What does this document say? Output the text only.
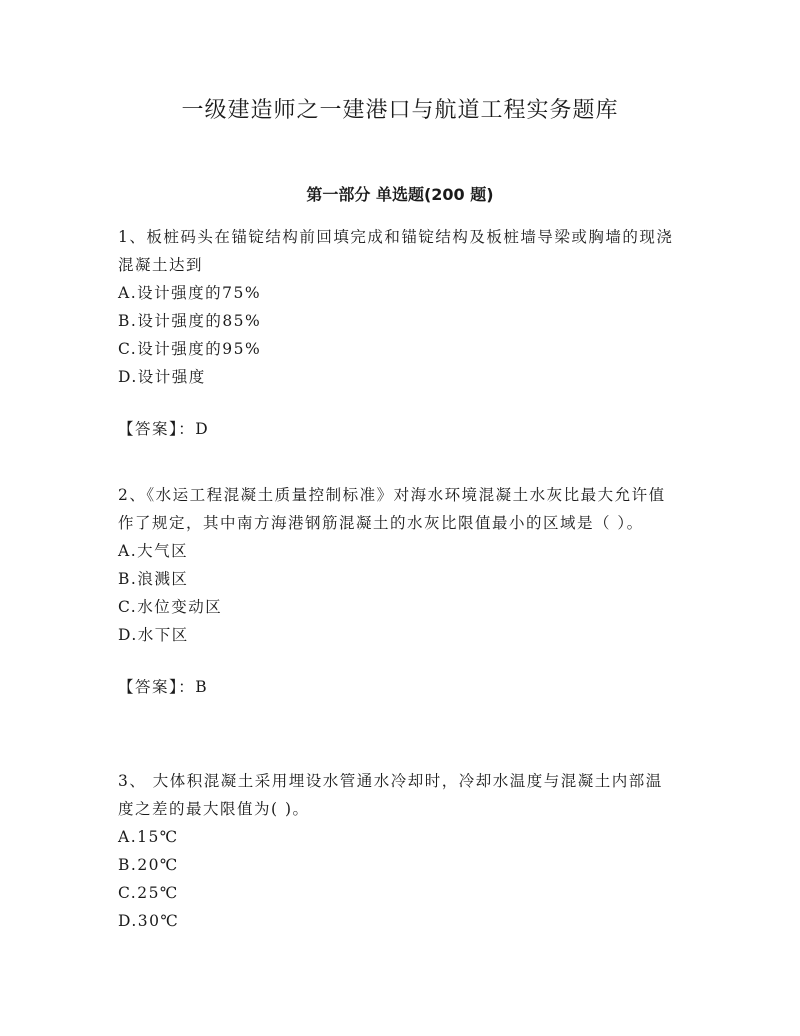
一级建造师之一建港口与航道工程实务题库
第一部分 单选题(200 题)

1、板桩码头在锚锭结构前回填完成和锚锭结构及板桩墙导梁或胸墙的现浇混凝土达到

A.设计强度的75%

B.设计强度的85%

C.设计强度的95%

D.设计强度

【答案】：D

2、《水运工程混凝土质量控制标准》对海水环境混凝土水灰比最大允许值作了规定，其中南方海港钢筋混凝土的水灰比限值最小的区域是（ ）。

A.大气区

B.浪溅区

C.水位变动区

D.水下区

【答案】：B

3、 大体积混凝土采用埋设水管通水冷却时，冷却水温度与混凝土内部温度之差的最大限值为( )。

A.15℃

B.20℃

C.25℃

D.30℃
